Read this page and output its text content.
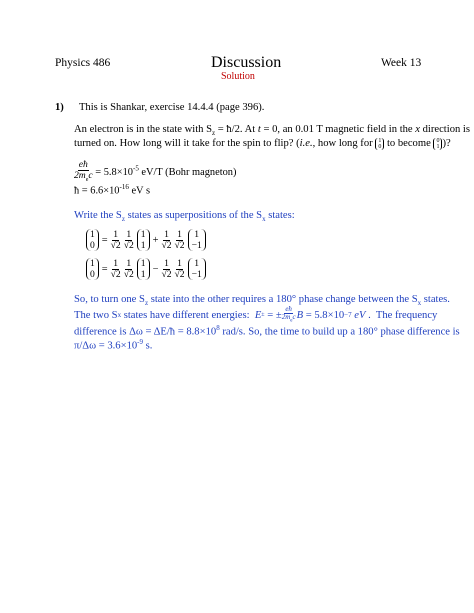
Physics 486	Discussion
Solution
Week 13
1) This is Shankar, exercise 14.4.4 (page 396).
An electron is in the state with $S_z$ = ħ/2. At t = 0, an 0.01 T magnetic field in the x direction is
turned on. How long will it take for the spin to flip? (i.e., how long for 1
0 to become 0
1 )?
$\frac{eħ}{2m_ec} = 5.8\times 10^{-5}$ eV/T (Bohr magneton)
ħ = $6.6\times 10^{-16}$ eV s
Write the $S_z$ states as superpositions of the $S_x$ states:
1
$0 = \frac{1}{√2} \frac{1}{√2} 1$
$1 + \frac{1}{√2} \frac{1}{√2} 1$
−1
1
$0 = \frac{1}{√2} \frac{1}{√2} 1$
$1 - \frac{1}{√2} \frac{1}{√2} 1$
−1
So, to turn one $S_z$ state into the other requires a 180° phase change between the $S_x$ states.
The two S x states have different energies: E ± = ± $\frac{eħ}{2m_ec}$ B = 5.8×10 −7 eV .  The frequency
difference is Δω = ΔE/ħ = $8.8\times 10^8$ rad/s. So, the time to build up a 180° phase difference is
$\pi/\Delta\omega = 3.6\times 10^{-9}$ s.
